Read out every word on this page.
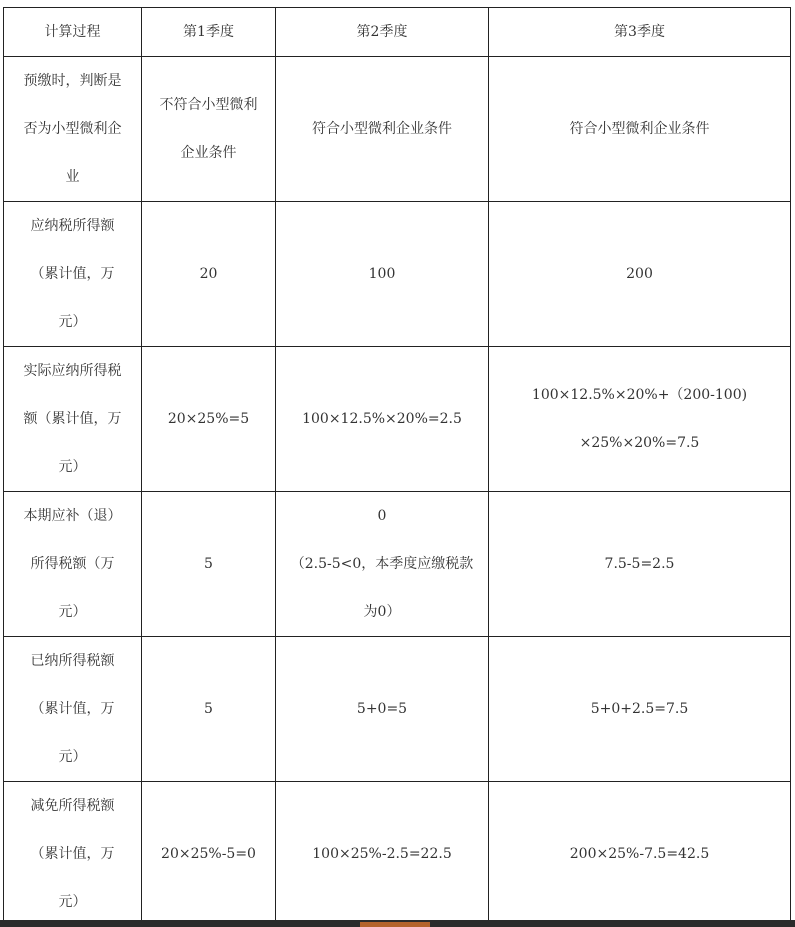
计算过程	第1季度	第2季度	第3季度

预缴时，判断是
否为小型微利企
业	不符合小型微利
企业条件	符合小型微利企业条件	符合小型微利企业条件

应纳税所得额
（累计值，万
元）	20	100	200

实际应纳所得税
额（累计值，万
元）	20×25%=5	100×12.5%×20%=2.5	100×12.5%×20%+（200-100)
×25%×20%=7.5

本期应补（退）
所得税额（万
元）	5	0
（2.5-5<0，本季度应缴税款
为0）	7.5-5=2.5

已纳所得税额
（累计值，万
元）	5	5+0=5	5+0+2.5=7.5

减免所得税额
（累计值，万
元）	20×25%-5=0	100×25%-2.5=22.5	200×25%-7.5=42.5
